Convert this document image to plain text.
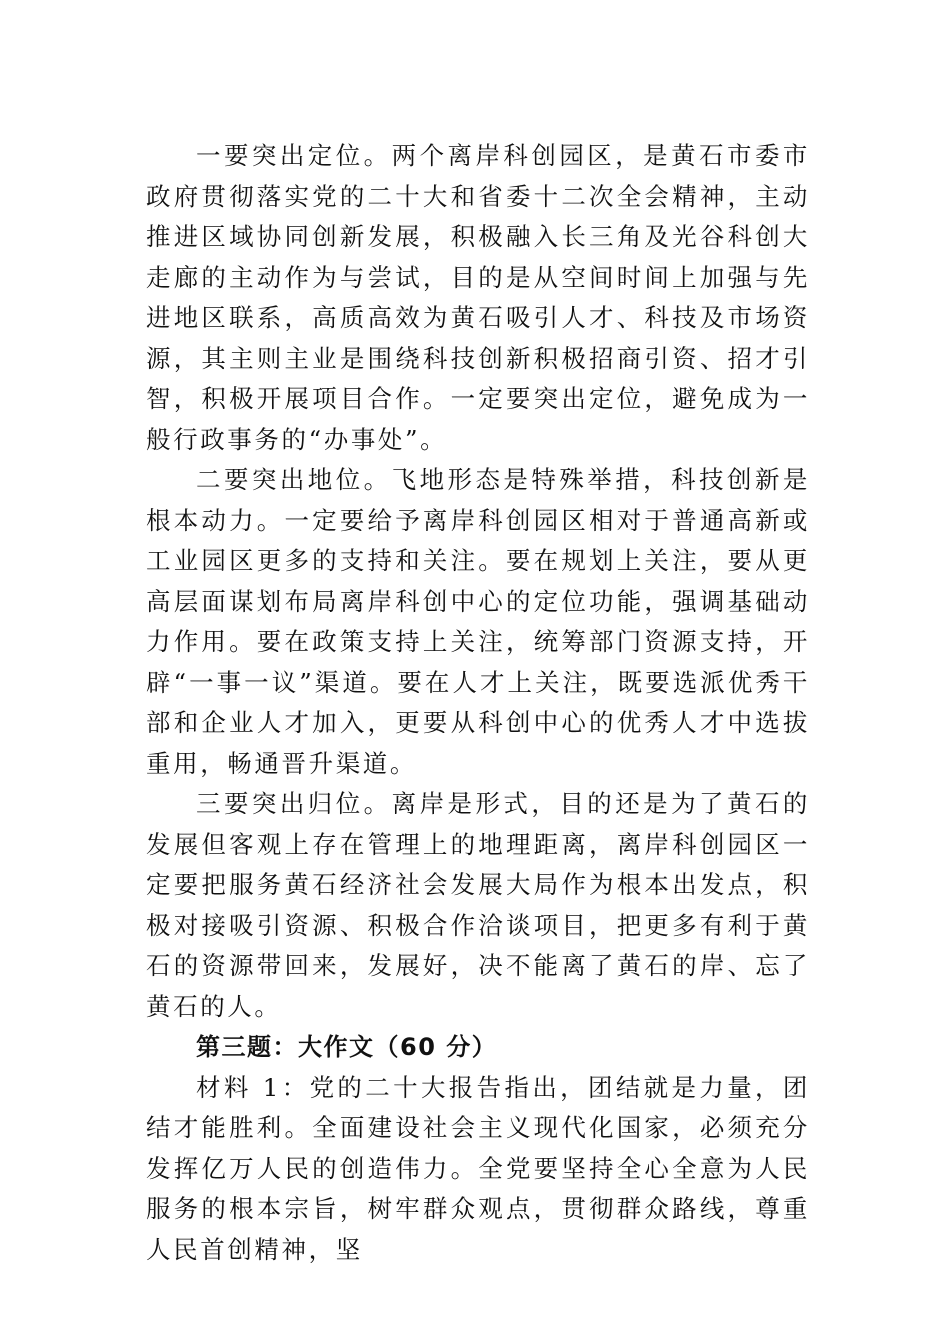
一要突出定位。两个离岸科创园区，是黄石市委市政府贯彻落实党的二十大和省委十二次全会精神，主动推进区域协同创新发展，积极融入长三角及光谷科创大走廊的主动作为与尝试，目的是从空间时间上加强与先进地区联系，高质高效为黄石吸引人才、科技及市场资源，其主则主业是围绕科技创新积极招商引资、招才引智，积极开展项目合作。一定要突出定位，避免成为一般行政事务的“办事处”。

二要突出地位。飞地形态是特殊举措，科技创新是根本动力。一定要给予离岸科创园区相对于普通高新或工业园区更多的支持和关注。要在规划上关注，要从更高层面谋划布局离岸科创中心的定位功能，强调基础动力作用。要在政策支持上关注，统筹部门资源支持，开辟“一事一议”渠道。要在人才上关注，既要选派优秀干部和企业人才加入，更要从科创中心的优秀人才中选拔重用，畅通晋升渠道。

三要突出归位。离岸是形式，目的还是为了黄石的发展但客观上存在管理上的地理距离，离岸科创园区一定要把服务黄石经济社会发展大局作为根本出发点，积极对接吸引资源、积极合作洽谈项目，把更多有利于黄石的资源带回来，发展好，决不能离了黄石的岸、忘了黄石的人。

第三题：大作文（60 分）

材料 1：党的二十大报告指出，团结就是力量，团结才能胜利。全面建设社会主义现代化国家，必须充分发挥亿万人民的创造伟力。全党要坚持全心全意为人民服务的根本宗旨，树牢群众观点，贯彻群众路线，尊重人民首创精神，坚
